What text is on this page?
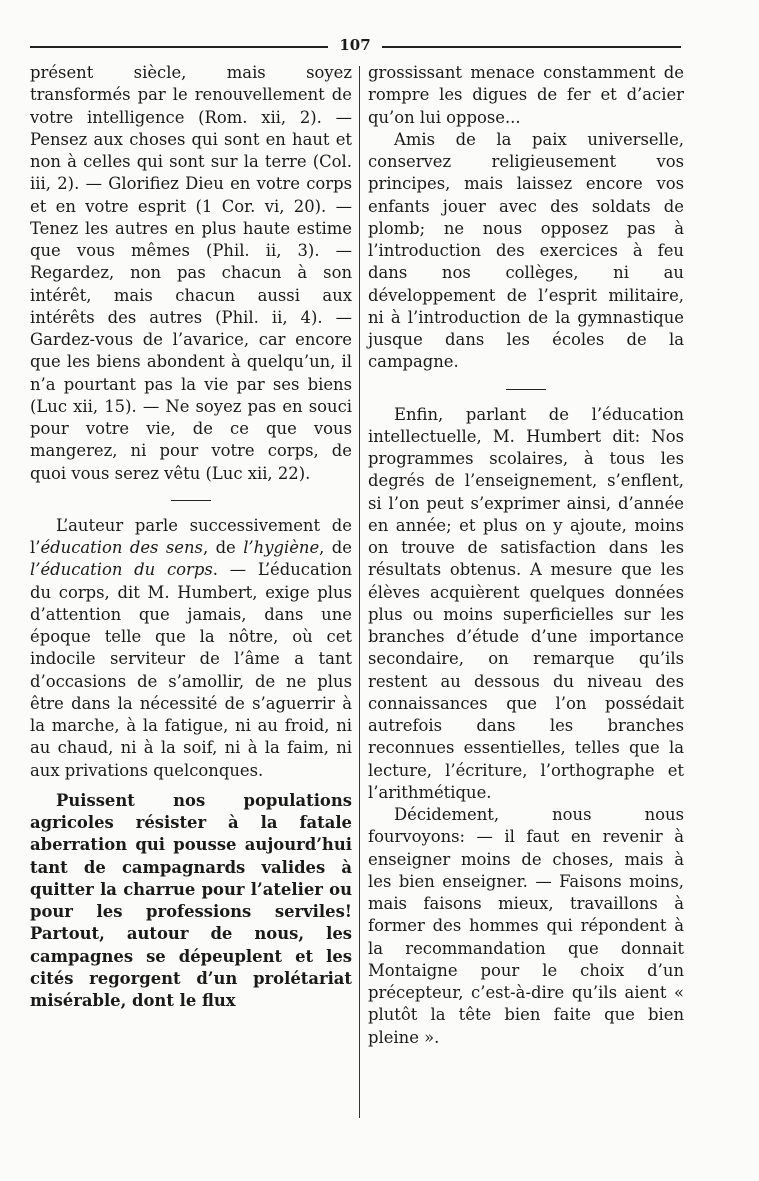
107

présent siècle, mais soyez transformés par le renouvellement de votre intelligence (Rom. xii, 2). — Pensez aux choses qui sont en haut et non à celles qui sont sur la terre (Col. iii, 2). — Glorifiez Dieu en votre corps et en votre esprit (1 Cor. vi, 20). — Tenez les autres en plus haute estime que vous mêmes (Phil. ii, 3). — Regardez, non pas chacun à son intérêt, mais chacun aussi aux intérêts des autres (Phil. ii, 4). — Gardez-vous de l’avarice, car encore que les biens abondent à quelqu’un, il n’a pourtant pas la vie par ses biens (Luc xii, 15). — Ne soyez pas en souci pour votre vie, de ce que vous mangerez, ni pour votre corps, de quoi vous serez vêtu (Luc xii, 22).

L’auteur parle successivement de l’éducation des sens, de l’hygiène, de l’éducation du corps. — L’éducation du corps, dit M. Humbert, exige plus d’attention que jamais, dans une époque telle que la nôtre, où cet indocile serviteur de l’âme a tant d’occasions de s’amollir, de ne plus être dans la nécessité de s’aguerrir à la marche, à la fatigue, ni au froid, ni au chaud, ni à la soif, ni à la faim, ni aux privations quelconques.

Puissent nos populations agricoles résister à la fatale aberration qui pousse aujourd’hui tant de campagnards valides à quitter la charrue pour l’atelier ou pour les professions serviles! Partout, autour de nous, les campagnes se dépeuplent et les cités regorgent d’un prolétariat misérable, dont le flux

grossissant menace constamment de rompre les digues de fer et d’acier qu’on lui oppose...

Amis de la paix universelle, conservez religieusement vos principes, mais laissez encore vos enfants jouer avec des soldats de plomb; ne nous opposez pas à l’introduction des exercices à feu dans nos collèges, ni au développement de l’esprit militaire, ni à l’introduction de la gymnastique jusque dans les écoles de la campagne.

Enfin, parlant de l’éducation intellectuelle, M. Humbert dit: Nos programmes scolaires, à tous les degrés de l’enseignement, s’enflent, si l’on peut s’exprimer ainsi, d’année en année; et plus on y ajoute, moins on trouve de satisfaction dans les résultats obtenus. A mesure que les élèves acquièrent quelques données plus ou moins superficielles sur les branches d’étude d’une importance secondaire, on remarque qu’ils restent au dessous du niveau des connaissances que l’on possédait autrefois dans les branches reconnues essentielles, telles que la lecture, l’écriture, l’orthographe et l’arithmétique.

Décidement, nous nous fourvoyons: — il faut en revenir à enseigner moins de choses, mais à les bien enseigner. — Faisons moins, mais faisons mieux, travaillons à former des hommes qui répondent à la recommandation que donnait Montaigne pour le choix d’un précepteur, c’est-à-dire qu’ils aient « plutôt la tête bien faite que bien pleine ».
